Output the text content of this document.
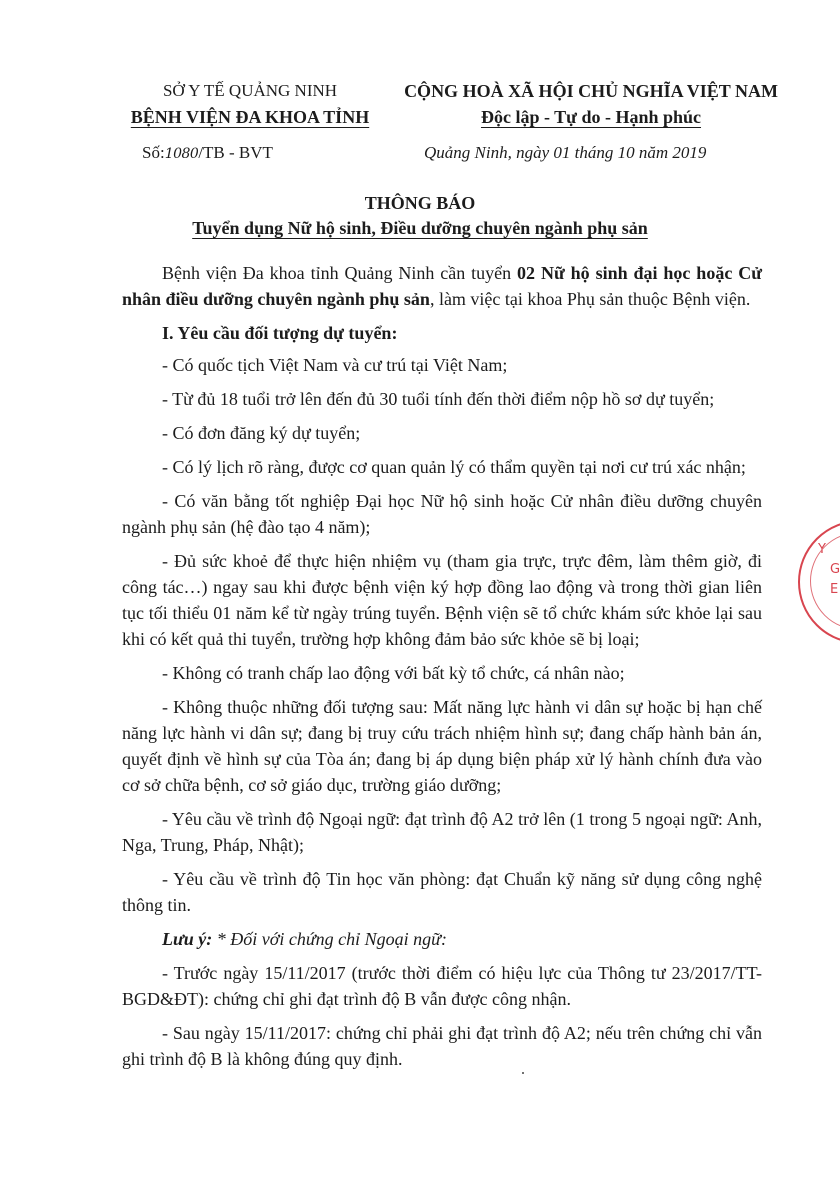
SỞ Y TẾ QUẢNG NINH
BỆNH VIỆN ĐA KHOA TỈNH
CỘNG HOÀ XÃ HỘI CHỦ NGHĨA VIỆT NAM
Độc lập - Tự do - Hạnh phúc
Số:1080/TB - BVT	Quảng Ninh, ngày 01 tháng 10 năm 2019
THÔNG BÁO
Tuyển dụng Nữ hộ sinh, Điều dưỡng chuyên ngành phụ sản

Bệnh viện Đa khoa tỉnh Quảng Ninh cần tuyển 02 Nữ hộ sinh đại học hoặc Cử nhân điều dưỡng chuyên ngành phụ sản, làm việc tại khoa Phụ sản thuộc Bệnh viện.

I. Yêu cầu đối tượng dự tuyển:

- Có quốc tịch Việt Nam và cư trú tại Việt Nam;

- Từ đủ 18 tuổi trở lên đến đủ 30 tuổi tính đến thời điểm nộp hồ sơ dự tuyển;

- Có đơn đăng ký dự tuyển;

- Có lý lịch rõ ràng, được cơ quan quản lý có thẩm quyền tại nơi cư trú xác nhận;

- Có văn bằng tốt nghiệp Đại học Nữ hộ sinh hoặc Cử nhân điều dưỡng chuyên ngành phụ sản (hệ đào tạo 4 năm);

- Đủ sức khoẻ để thực hiện nhiệm vụ (tham gia trực, trực đêm, làm thêm giờ, đi công tác…) ngay sau khi được bệnh viện ký hợp đồng lao động và trong thời gian liên tục tối thiểu 01 năm kể từ ngày trúng tuyển. Bệnh viện sẽ tổ chức khám sức khỏe lại sau khi có kết quả thi tuyển, trường hợp không đảm bảo sức khỏe sẽ bị loại;

- Không có tranh chấp lao động với bất kỳ tổ chức, cá nhân nào;

- Không thuộc những đối tượng sau: Mất năng lực hành vi dân sự hoặc bị hạn chế năng lực hành vi dân sự; đang bị truy cứu trách nhiệm hình sự; đang chấp hành bản án, quyết định về hình sự của Tòa án; đang bị áp dụng biện pháp xử lý hành chính đưa vào cơ sở chữa bệnh, cơ sở giáo dục, trường giáo dưỡng;

- Yêu cầu về trình độ Ngoại ngữ: đạt trình độ A2 trở lên (1 trong 5 ngoại ngữ: Anh, Nga, Trung, Pháp, Nhật);

- Yêu cầu về trình độ Tin học văn phòng: đạt Chuẩn kỹ năng sử dụng công nghệ thông tin.

Lưu ý: * Đối với chứng chỉ Ngoại ngữ:

- Trước ngày 15/11/2017 (trước thời điểm có hiệu lực của Thông tư 23/2017/TT-BGD&ĐT): chứng chỉ ghi đạt trình độ B vẫn được công nhận.

- Sau ngày 15/11/2017: chứng chỉ phải ghi đạt trình độ A2; nếu trên chứng chỉ vẫn ghi trình độ B là không đúng quy định.

Y
G
E
